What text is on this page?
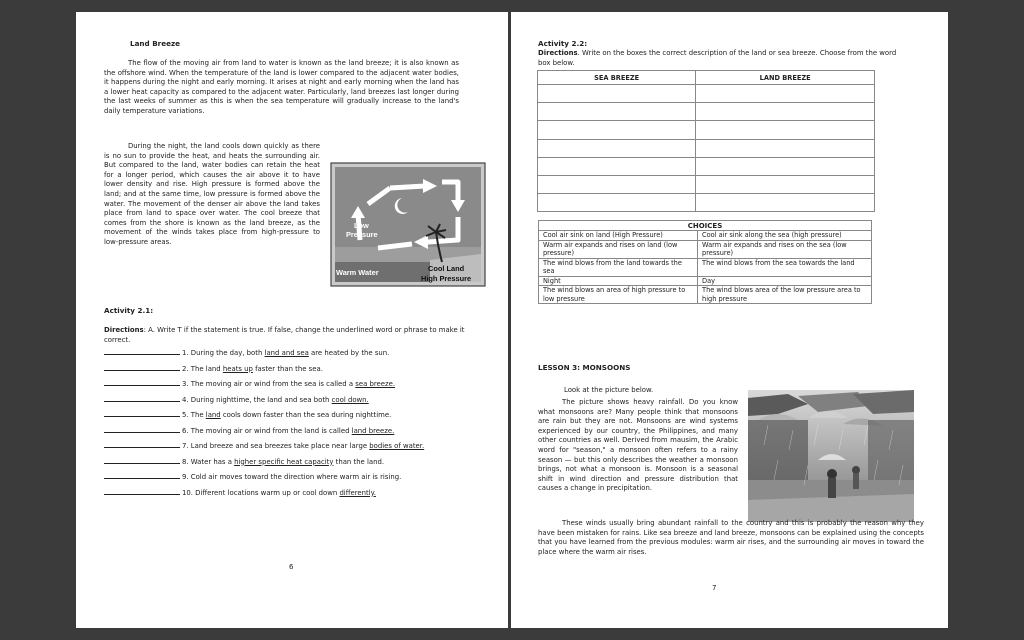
Land Breeze
The flow of the moving air from land to water is known as the land breeze; it is also known as the offshore wind. When the temperature of the land is lower compared to the adjacent water bodies, it happens during the night and early morning. It arises at night and early morning when the land has a lower heat capacity as compared to the adjacent water. Particularly, land breezes last longer during the last weeks of summer as this is when the sea temperature will gradually increase to the land's daily temperature variations.
During the night, the land cools down quickly as there is no sun to provide the heat, and heats the surrounding air. But compared to the land, water bodies can retain the heat for a longer period, which causes the air above it to have lower density and rise. High pressure is formed above the land; and at the same time, low pressure is formed above the water. The movement of the denser air above the land takes place from land to space over water. The cool breeze that comes from the shore is known as the land breeze, as the movement of the winds takes place from high-pressure to low-pressure areas.
Low
Pressure
Warm Water	Cool Land
High Pressure
Activity 2.1:
Directions: A. Write T if the statement is true. If false, change the underlined word or phrase to make it correct.
1. During the day, both land and sea are heated by the sun.
2. The land heats up faster than the sea.
3. The moving air or wind from the sea is called a sea breeze.
4. During nighttime, the land and sea both cool down.
5. The land cools down faster than the sea during nighttime.
6. The moving air or wind from the land is called land breeze.
7. Land breeze and sea breezes take place near large bodies of water.
8. Water has a higher specific heat capacity than the land.
9. Cold air moves toward the direction where warm air is rising.
10. Different locations warm up or cool down differently.
6
Activity 2.2:
Directions. Write on the boxes the correct description of the land or sea breeze. Choose from the word box below.
SEA BREEZE	LAND BREEZE

CHOICES	
Cool air sink on land (High Pressure)	Cool air sink along the sea (high pressure)
Warm air expands and rises on land (low pressure)	Warm air expands and rises on the sea (low pressure)
The wind blows from the land towards the sea	The wind blows from the sea towards the land
Night	Day
The wind blows an area of high pressure to low pressure	The wind blows area of the low pressure area to high pressure
LESSON 3: MONSOONS
Look at the picture below.
The picture shows heavy rainfall. Do you know what monsoons are? Many people think that monsoons are rain but they are not. Monsoons are wind systems experienced by our country, the Philippines, and many other countries as well. Derived from mausim, the Arabic word for "season," a monsoon often refers to a rainy season — but this only describes the weather a monsoon brings, not what a monsoon is. Monsoon is a seasonal shift in wind direction and pressure distribution that causes a change in precipitation.
These winds usually bring abundant rainfall to the country and this is probably the reason why they have been mistaken for rains. Like sea breeze and land breeze, monsoons can be explained using the concepts that you have learned from the previous modules: warm air rises, and the surrounding air moves in toward the place where the warm air rises.
7
